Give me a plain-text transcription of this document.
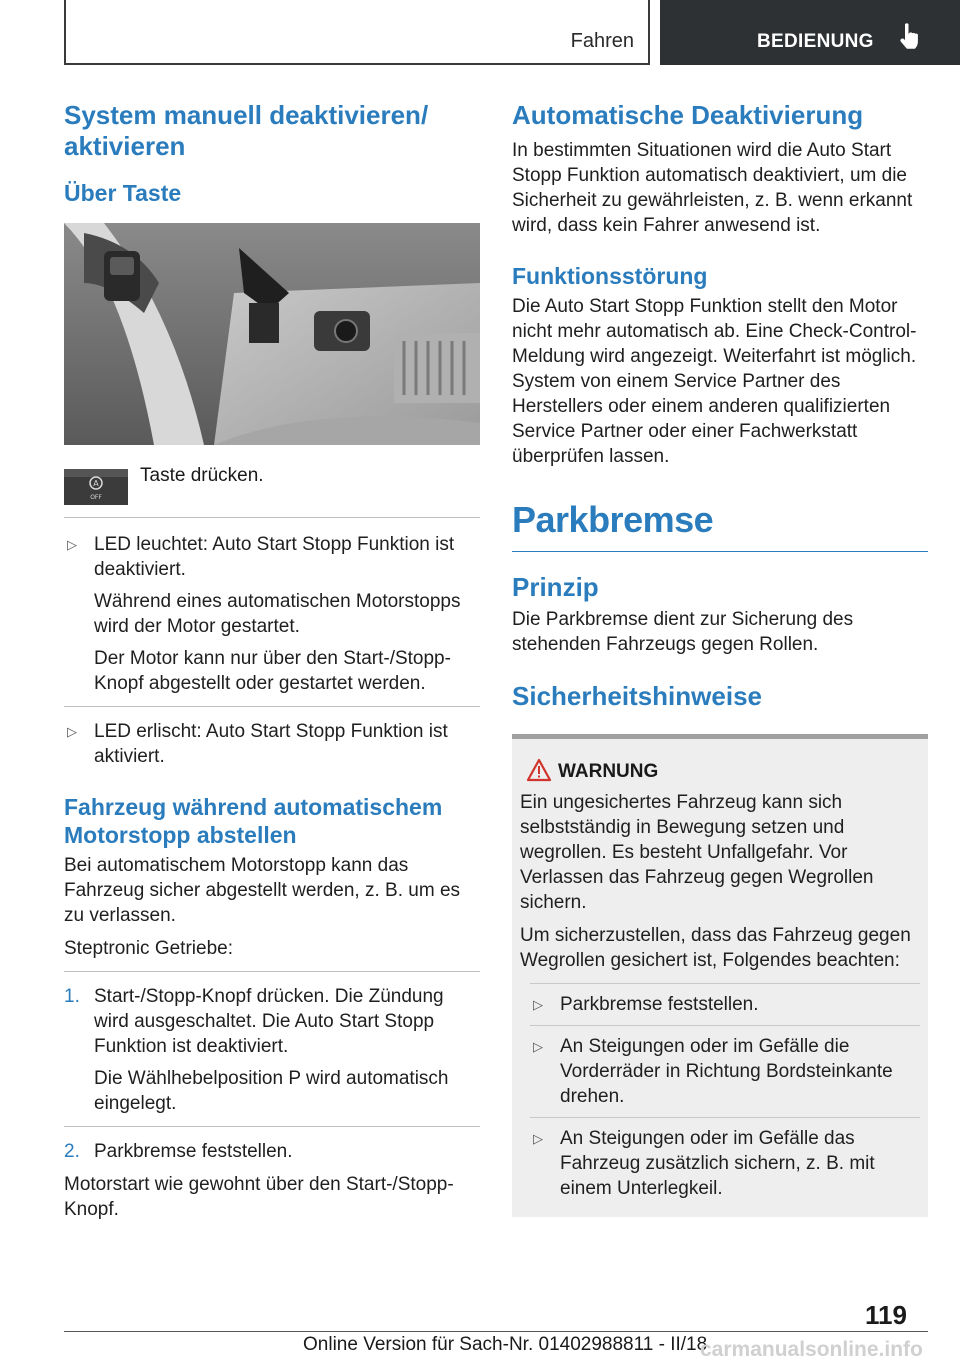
Fahren	BEDIENUNG
System manuell deaktivieren/ aktivieren
Über Taste
A
OFF
Taste drücken.
▷ LED leuchtet: Auto Start Stopp Funktion ist deaktiviert.
Während eines automatischen Motorstopps wird der Motor gestartet.
Der Motor kann nur über den Start-/Stopp-Knopf abgestellt oder gestartet werden.
▷ LED erlischt: Auto Start Stopp Funktion ist aktiviert.
Fahrzeug während automatischem Motorstopp abstellen

Bei automatischem Motorstopp kann das Fahrzeug sicher abgestellt werden, z. B. um es zu verlassen.

Steptronic Getriebe:

1. Start-/Stopp-Knopf drücken. Die Zündung wird ausgeschaltet. Die Auto Start Stopp Funktion ist deaktiviert.
Die Wählhebelposition P wird automatisch eingelegt.
2. Parkbremse feststellen.

Motorstart wie gewohnt über den Start-/Stopp-Knopf.

Automatische Deaktivierung

In bestimmten Situationen wird die Auto Start Stopp Funktion automatisch deaktiviert, um die Sicherheit zu gewährleisten, z. B. wenn erkannt wird, dass kein Fahrer anwesend ist.

Funktionsstörung

Die Auto Start Stopp Funktion stellt den Motor nicht mehr automatisch ab. Eine Check-Control-Meldung wird angezeigt. Weiterfahrt ist möglich. System von einem Service Partner des Herstellers oder einem anderen qualifizierten Service Partner oder einer Fachwerkstatt überprüfen lassen.

Parkbremse
Prinzip

Die Parkbremse dient zur Sicherung des stehenden Fahrzeugs gegen Rollen.

Sicherheitshinweise
WARNUNG

Ein ungesichertes Fahrzeug kann sich selbstständig in Bewegung setzen und wegrollen. Es besteht Unfallgefahr. Vor Verlassen das Fahrzeug gegen Wegrollen sichern.

Um sicherzustellen, dass das Fahrzeug gegen Wegrollen gesichert ist, Folgendes beachten:

▷ Parkbremse feststellen.
▷ An Steigungen oder im Gefälle die Vorderräder in Richtung Bordsteinkante drehen.
▷ An Steigungen oder im Gefälle das Fahrzeug zusätzlich sichern, z. B. mit einem Unterlegkeil.
119
Online Version für Sach-Nr. 01402988811 - II/18
carmanualsonline.info
